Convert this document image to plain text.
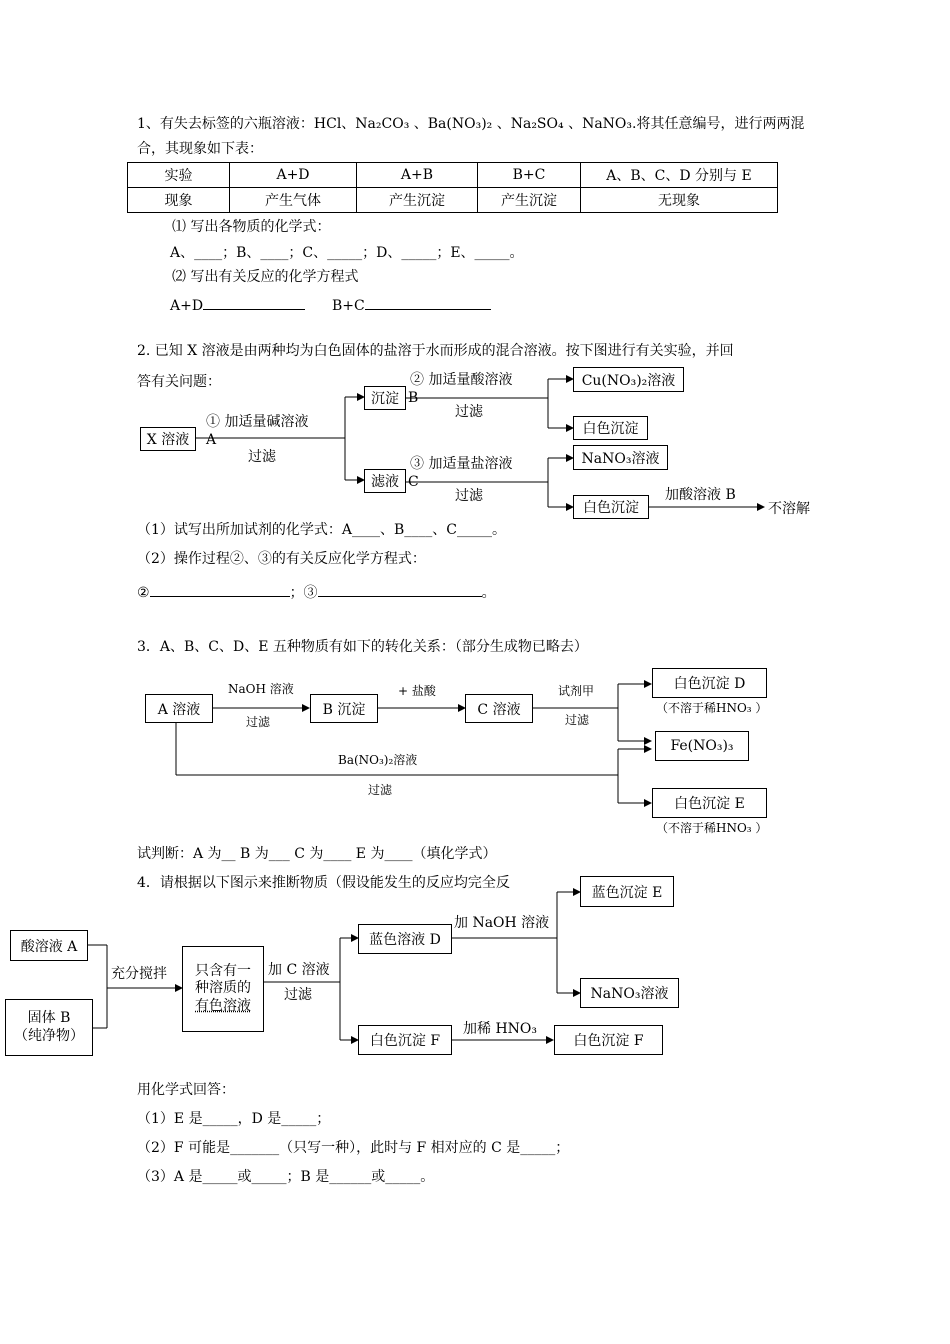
1、有失去标签的六瓶溶液：HCl、Na₂CO₃ 、Ba(NO₃)₂ 、Na₂SO₄ 、NaNO₃.将其任意编号，进行两两混
合，其现象如下表：
实验	A+D	A+B	B+C	A、B、C、D 分别与 E
现象	产生气体	产生沉淀	产生沉淀	无现象
⑴ 写出各物质的化学式：
A、____；B、____；C、_____；D、_____；E、_____。
⑵ 写出有关反应的化学方程式
A+D	B+C
2. 已知 X 溶液是由两种均为白色固体的盐溶于水而形成的混合溶液。按下图进行有关实验，并回
答有关问题：
X 溶液
沉淀
滤液
Cu(NO₃)₂溶液
白色沉淀
NaNO₃溶液
白色沉淀
① 加适量碱溶液
A
过滤
② 加适量酸溶液
B
过滤
③ 加适量盐溶液
C
过滤	加酸溶液 B
不溶解
（1）试写出所加试剂的化学式：A____、B____、C_____。
（2）操作过程②、③的有关反应化学方程式：
②	；③	。
3．A、B、C、D、E 五种物质有如下的转化关系：（部分生成物已略去）
A 溶液	B 沉淀	C 溶液
白色沉淀 D
Fe(NO₃)₃
白色沉淀 E
NaOH 溶液
过滤
+ 盐酸	试剂甲
过滤
Ba(NO₃)₂溶液
过滤
（不溶于稀HNO₃ ）
（不溶于稀HNO₃ ）
试判断：A 为__ B 为___ C 为____ E 为____（填化学式）
4．请根据以下图示来推断物质（假设能发生的反应均完全反
酸溶液 A
固体 B
（纯净物）
只含有一
种溶质的
有色溶液
蓝色溶液 D
白色沉淀 F
蓝色沉淀 E
NaNO₃溶液
白色沉淀 F
充分搅拌	加 C 溶液
过滤
加 NaOH 溶液
加稀 HNO₃
用化学式回答：
（1）E 是_____，D 是_____；
（2）F 可能是_______（只写一种），此时与 F 相对应的 C 是_____；
（3）A 是_____或_____；B 是______或_____。
